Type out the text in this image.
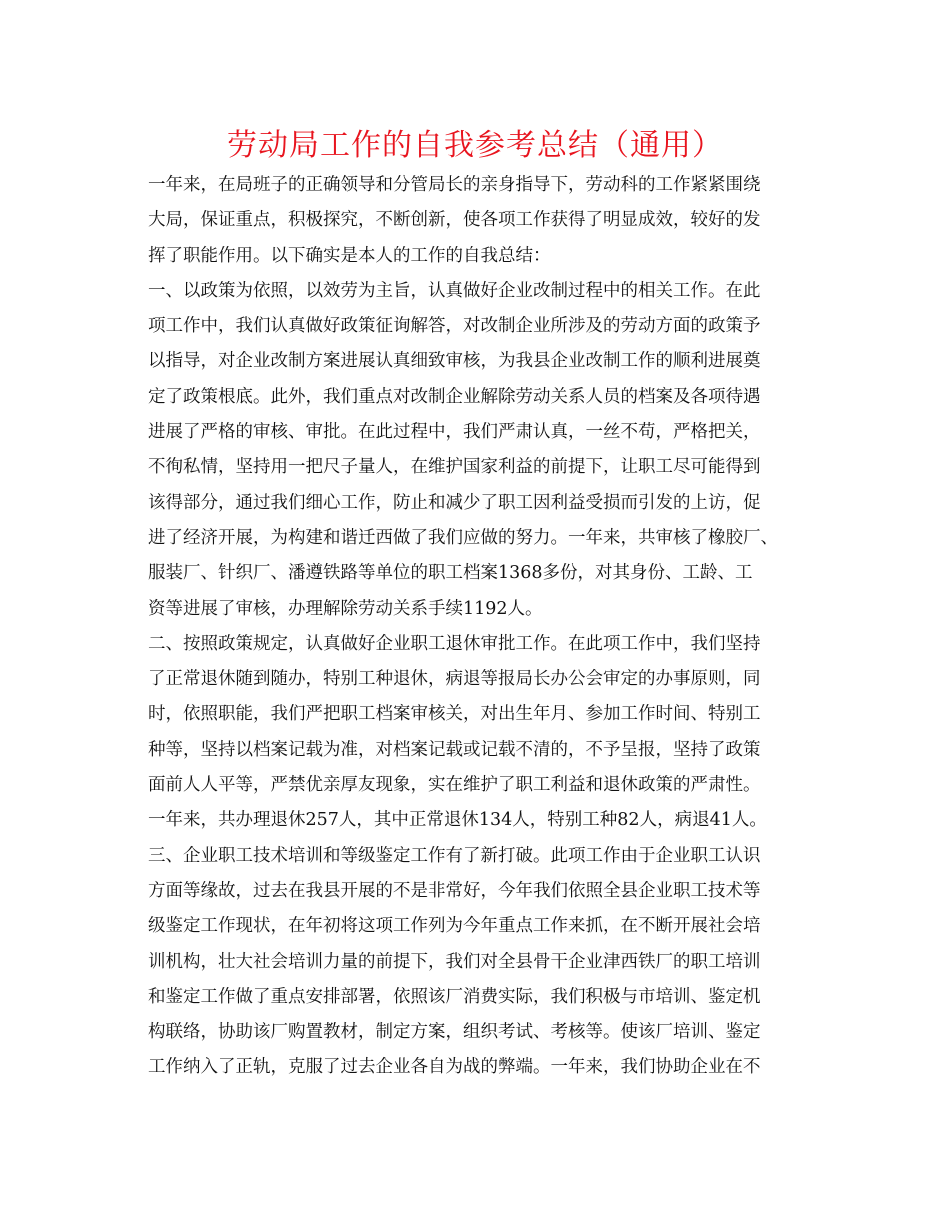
劳动局工作的自我参考总结（通用）
一年来，在局班子的正确领导和分管局长的亲身指导下，劳动科的工作紧紧围绕
大局，保证重点，积极探究，不断创新，使各项工作获得了明显成效，较好的发
挥了职能作用。以下确实是本人的工作的自我总结：
一、以政策为依照，以效劳为主旨，认真做好企业改制过程中的相关工作。在此
项工作中，我们认真做好政策征询解答，对改制企业所涉及的劳动方面的政策予
以指导，对企业改制方案进展认真细致审核，为我县企业改制工作的顺利进展奠
定了政策根底。此外，我们重点对改制企业解除劳动关系人员的档案及各项待遇
进展了严格的审核、审批。在此过程中，我们严肃认真，一丝不苟，严格把关，
不徇私情，坚持用一把尺子量人，在维护国家利益的前提下，让职工尽可能得到
该得部分，通过我们细心工作，防止和减少了职工因利益受损而引发的上访，促
进了经济开展，为构建和谐迁西做了我们应做的努力。一年来，共审核了橡胶厂、
服装厂、针织厂、潘遵铁路等单位的职工档案1368多份，对其身份、工龄、工
资等进展了审核，办理解除劳动关系手续1192人。
二、按照政策规定，认真做好企业职工退休审批工作。在此项工作中，我们坚持
了正常退休随到随办，特别工种退休，病退等报局长办公会审定的办事原则，同
时，依照职能，我们严把职工档案审核关，对出生年月、参加工作时间、特别工
种等，坚持以档案记载为准，对档案记载或记载不清的，不予呈报，坚持了政策
面前人人平等，严禁优亲厚友现象，实在维护了职工利益和退休政策的严肃性。
一年来，共办理退休257人，其中正常退休134人，特别工种82人，病退41人。
三、企业职工技术培训和等级鉴定工作有了新打破。此项工作由于企业职工认识
方面等缘故，过去在我县开展的不是非常好，今年我们依照全县企业职工技术等
级鉴定工作现状，在年初将这项工作列为今年重点工作来抓，在不断开展社会培
训机构，壮大社会培训力量的前提下，我们对全县骨干企业津西铁厂的职工培训
和鉴定工作做了重点安排部署，依照该厂消费实际，我们积极与市培训、鉴定机
构联络，协助该厂购置教材，制定方案，组织考试、考核等。使该厂培训、鉴定
工作纳入了正轨，克服了过去企业各自为战的弊端。一年来，我们协助企业在不
